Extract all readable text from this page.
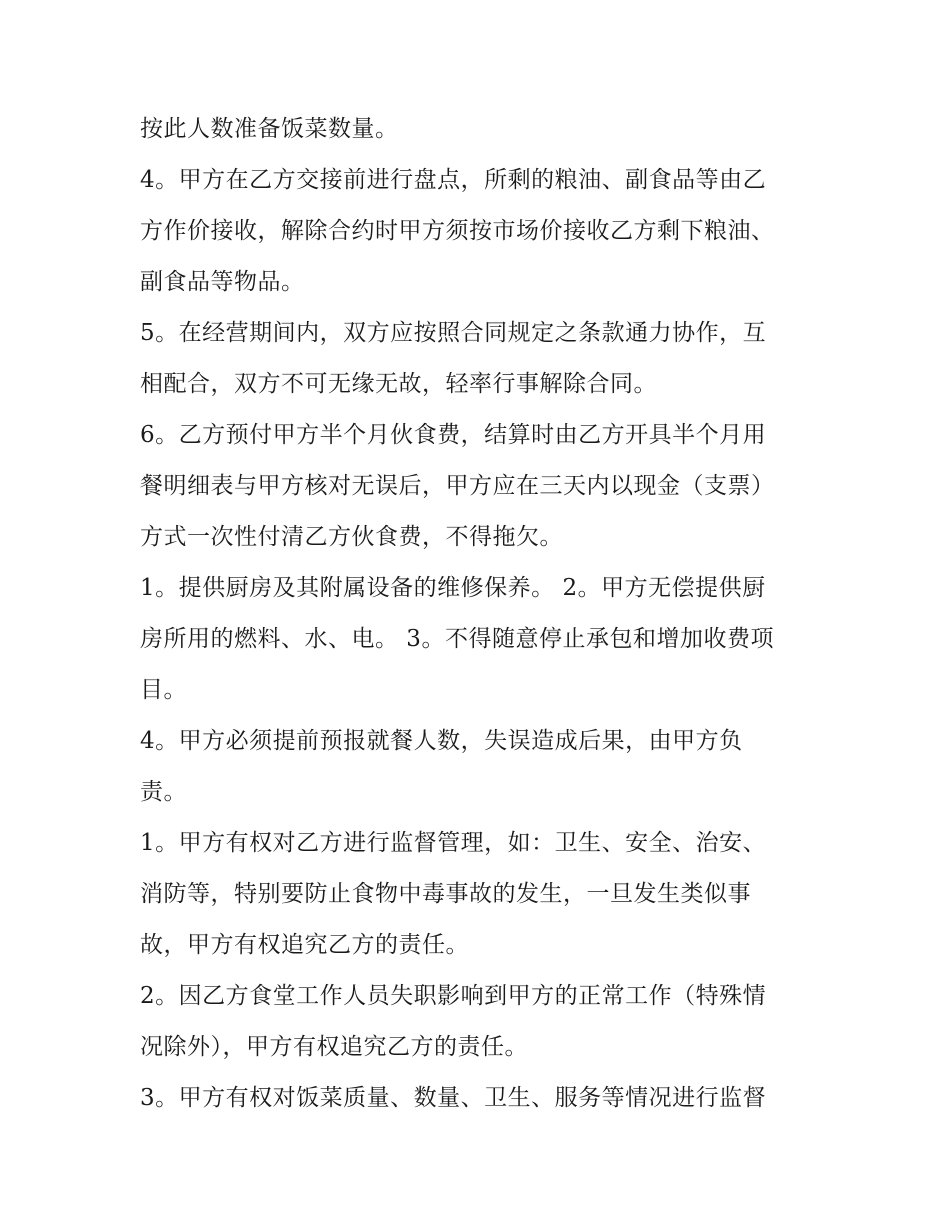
按此人数准备饭菜数量。
4。甲方在乙方交接前进行盘点，所剩的粮油、副食品等由乙
方作价接收，解除合约时甲方须按市场价接收乙方剩下粮油、
副食品等物品。
5。在经营期间内，双方应按照合同规定之条款通力协作，互
相配合，双方不可无缘无故，轻率行事解除合同。
6。乙方预付甲方半个月伙食费，结算时由乙方开具半个月用
餐明细表与甲方核对无误后，甲方应在三天内以现金（支票）
方式一次性付清乙方伙食费，不得拖欠。
1。提供厨房及其附属设备的维修保养。 2。甲方无偿提供厨
房所用的燃料、水、电。 3。不得随意停止承包和增加收费项
目。
4。甲方必须提前预报就餐人数，失误造成后果，由甲方负
责。
1。甲方有权对乙方进行监督管理，如：卫生、安全、治安、
消防等，特别要防止食物中毒事故的发生，一旦发生类似事
故，甲方有权追究乙方的责任。
2。因乙方食堂工作人员失职影响到甲方的正常工作（特殊情
况除外），甲方有权追究乙方的责任。
3。甲方有权对饭菜质量、数量、卫生、服务等情况进行监督
